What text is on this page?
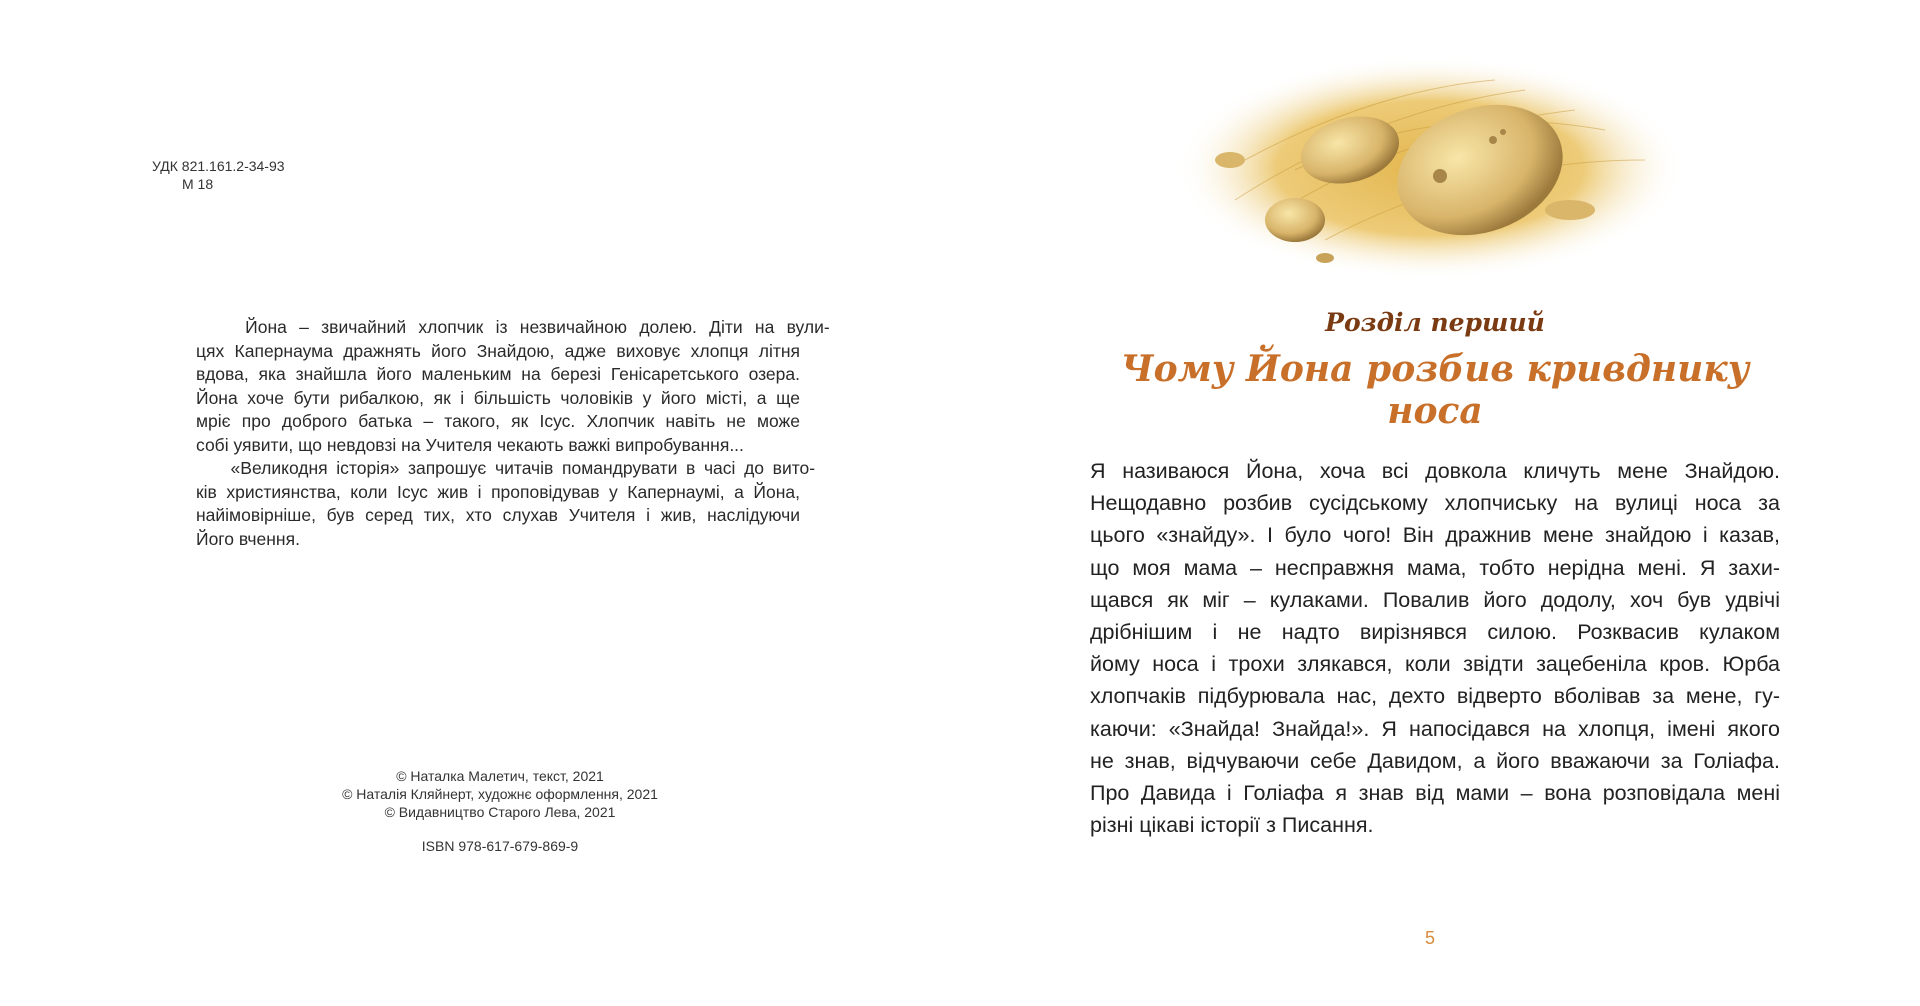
УДК 821.161.2-34-93
М 18
Йона – звичайний хлопчик із незвичайною долею. Діти на вули-
цях Капернаума дражнять його Знайдою, адже виховує хлопця літня
вдова, яка знайшла його маленьким на березі Генісаретського озера.
Йона хоче бути рибалкою, як і більшість чоловіків у його місті, а ще
мріє про доброго батька – такого, як Ісус. Хлопчик навіть не може
собі уявити, що невдовзі на Учителя чекають важкі випробування...
«Великодня історія» запрошує читачів помандрувати в часі до вито-
ків християнства, коли Ісус жив і проповідував у Капернаумі, а Йона,
найімовірніше, був серед тих, хто слухав Учителя і жив, наслідуючи
Його вчення.
© Наталка Малетич, текст, 2021
© Наталія Кляйнерт, художнє оформлення, 2021
© Видавництво Старого Лева, 2021
ISBN 978-617-679-869-9
Розділ перший
Чому Йона розбив кривднику носа
Я називаюся Йона, хоча всі довкола кличуть мене Знайдою.
Нещодавно розбив сусідському хлопчиську на вулиці носа за
цього «знайду». І було чого! Він дражнив мене знайдою і казав,
що моя мама – несправжня мама, тобто нерідна мені. Я захи-
щався як міг – кулаками. Повалив його додолу, хоч був удвічі
дрібнішим і не надто вирізнявся силою. Розквасив кулаком
йому носа і трохи злякався, коли звідти зацебеніла кров. Юрба
хлопчаків підбурювала нас, дехто відверто вболівав за мене, гу-
каючи: «Знайда! Знайда!». Я напосідався на хлопця, імені якого
не знав, відчуваючи себе Давидом, а його вважаючи за Голіафа.
Про Давида і Голіафа я знав від мами – вона розповідала мені
різні цікаві історії з Писання.
5
